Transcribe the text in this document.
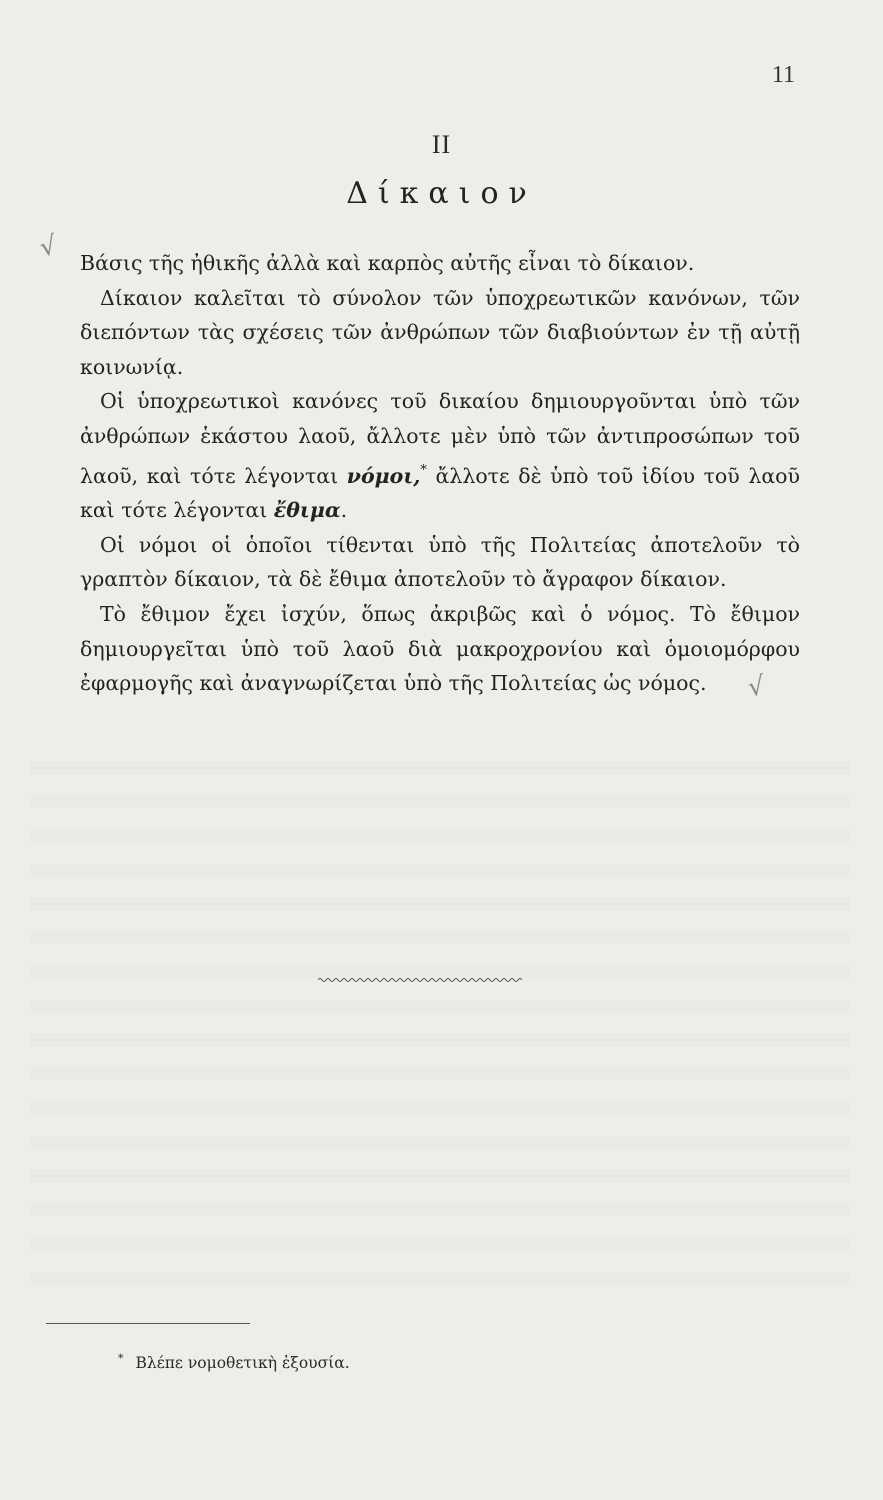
11
II
Δίκαιον
√ Βάσις τῆς ἠθικῆς ἀλλὰ καὶ καρπὸς αὐτῆς εἶναι τὸ δίκαιον.

Δίκαιον καλεῖται τὸ σύνολον τῶν ὑποχρεωτικῶν κανόνων, τῶν διεπόντων τὰς σχέσεις τῶν ἀνθρώπων τῶν διαβιούντων ἐν τῇ αὐτῇ κοινωνίᾳ.

Οἱ ὑποχρεωτικοὶ κανόνες τοῦ δικαίου δημιουργοῦνται ὑπὸ τῶν ἀνθρώπων ἑκάστου λαοῦ, ἄλλοτε μὲν ὑπὸ τῶν ἀντιπροσώπων τοῦ λαοῦ, καὶ τότε λέγονται νόμοι,* ἄλλοτε δὲ ὑπὸ τοῦ ἰδίου τοῦ λαοῦ καὶ τότε λέγονται ἔθιμα.

Οἱ νόμοι οἱ ὁποῖοι τίθενται ὑπὸ τῆς Πολιτείας ἀποτελοῦν τὸ γραπτὸν δίκαιον, τὰ δὲ ἔθιμα ἀποτελοῦν τὸ ἄγραφον δίκαιον.

Τὸ ἔθιμον ἔχει ἰσχύν, ὅπως ἀκριβῶς καὶ ὁ νόμος. Τὸ ἔθιμον δημιουργεῖται ὑπὸ τοῦ λαοῦ διὰ μακροχρονίου καὶ ὁμοιομόρφου ἐφαρμογῆς καὶ ἀναγνωρίζεται ὑπὸ τῆς Πολιτείας ὡς νόμος.	√
* Βλέπε νομοθετικὴ ἐξουσία.
